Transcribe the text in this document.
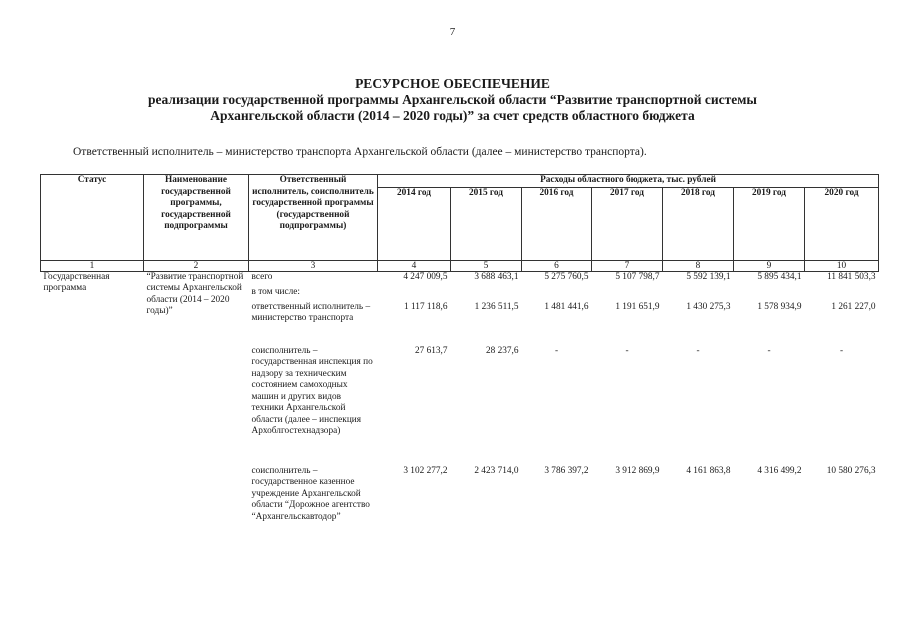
7
РЕСУРСНОЕ ОБЕСПЕЧЕНИЕ
реализации государственной программы Архангельской области “Развитие транспортной системы
Архангельской области (2014 – 2020 годы)” за счет средств областного бюджета
Ответственный исполнитель – министерство транспорта Архангельской области (далее – министерство транспорта).
Статус	Наименование государственной программы, государственной подпрограммы	Ответственный исполнитель, соисполнитель государственной программы (государственной подпрограммы)	Расходы областного бюджета, тыс. рублей						
			2014 год	2015 год	2016 год	2017 год	2018 год	2019 год	2020 год
1	2	3	4	5	6	7	8	9	10
Государственная программа	“Развитие транспортной системы Архангельской области (2014 – 2020 годы)”	всего	4 247 009,5	3 688 463,1	5 275 760,5	5 107 798,7	5 592 139,1	5 895 434,1	11 841 503,3
		в том числе:							
		ответственный исполнитель – министерство транспорта	1 117 118,6	1 236 511,5	1 481 441,6	1 191 651,9	1 430 275,3	1 578 934,9	1 261 227,0
		соисполнитель – государственная инспекция по надзору за техническим состоянием самоходных машин и других видов техники Архангельской области (далее – инспекция Архоблгостехнадзора)	27 613,7	28 237,6	-	-	-	-	-
		соисполнитель – государственное казенное учреждение Архангельской области “Дорожное агентство “Архангельскавтодор”	3 102 277,2	2 423 714,0	3 786 397,2	3 912 869,9	4 161 863,8	4 316 499,2	10 580 276,3
